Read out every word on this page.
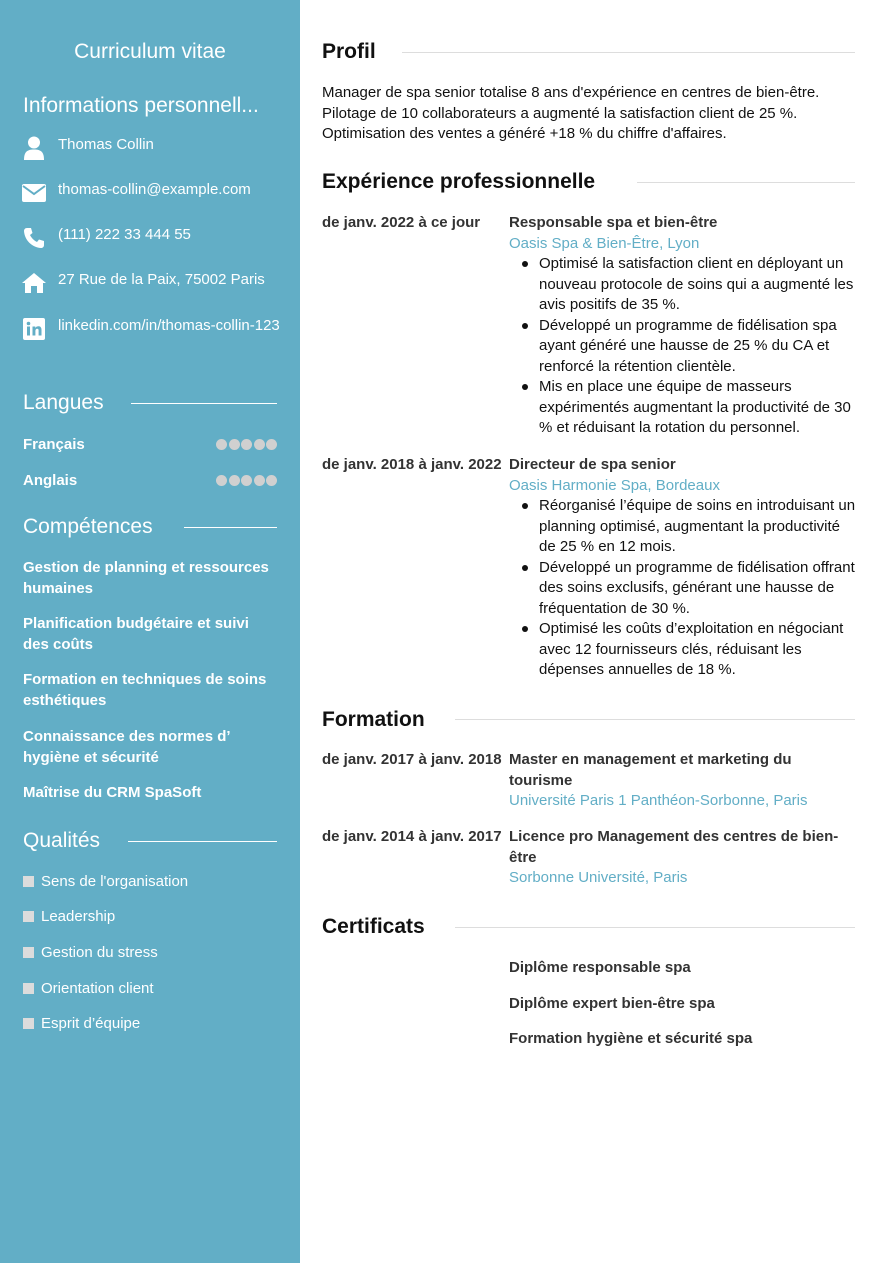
Curriculum vitae
Informations personnell...
Thomas Collin
thomas-collin@example.com
(111) 222 33 444 55
27 Rue de la Paix, 75002 Paris
linkedin.com/in/thomas-collin-123
Langues
Français
Anglais
Compétences
Gestion de planning et ressources humaines
Planification budgétaire et suivi des coûts
Formation en techniques de soins esthétiques
Connaissance des normes d’ hygiène et sécurité
Maîtrise du CRM SpaSoft
Qualités
Sens de l'organisation
Leadership
Gestion du stress
Orientation client
Esprit d’équipe
Profil

Manager de spa senior totalise 8 ans d'expérience en centres de bien-être. Pilotage de 10 collaborateurs a augmenté la satisfaction client de 25 %. Optimisation des ventes a généré +18 % du chiffre d'affaires.

Expérience professionnelle
de janv. 2022 à ce jour Responsable spa et bien-être
Oasis Spa & Bien-Être, Lyon
Optimisé la satisfaction client en déployant un nouveau protocole de soins qui a augmenté les avis positifs de 35 %.
Développé un programme de fidélisation spa ayant généré une hausse de 25 % du CA et renforcé la rétention clientèle.
Mis en place une équipe de masseurs expérimentés augmentant la productivité de 30 % et réduisant la rotation du personnel.
de janv. 2018 à janv. 2022 Directeur de spa senior
Oasis Harmonie Spa, Bordeaux
Réorganisé l’équipe de soins en introduisant un planning optimisé, augmentant la productivité de 25 % en 12 mois.
Développé un programme de fidélisation offrant des soins exclusifs, générant une hausse de fréquentation de 30 %.
Optimisé les coûts d’exploitation en négociant avec 12 fournisseurs clés, réduisant les dépenses annuelles de 18 %.
Formation
de janv. 2017 à janv. 2018 Master en management et marketing du tourisme
Université Paris 1 Panthéon-Sorbonne, Paris
de janv. 2014 à janv. 2017 Licence pro Management des centres de bien-être
Sorbonne Université, Paris
Certificats
Diplôme responsable spa
Diplôme expert bien-être spa
Formation hygiène et sécurité spa
